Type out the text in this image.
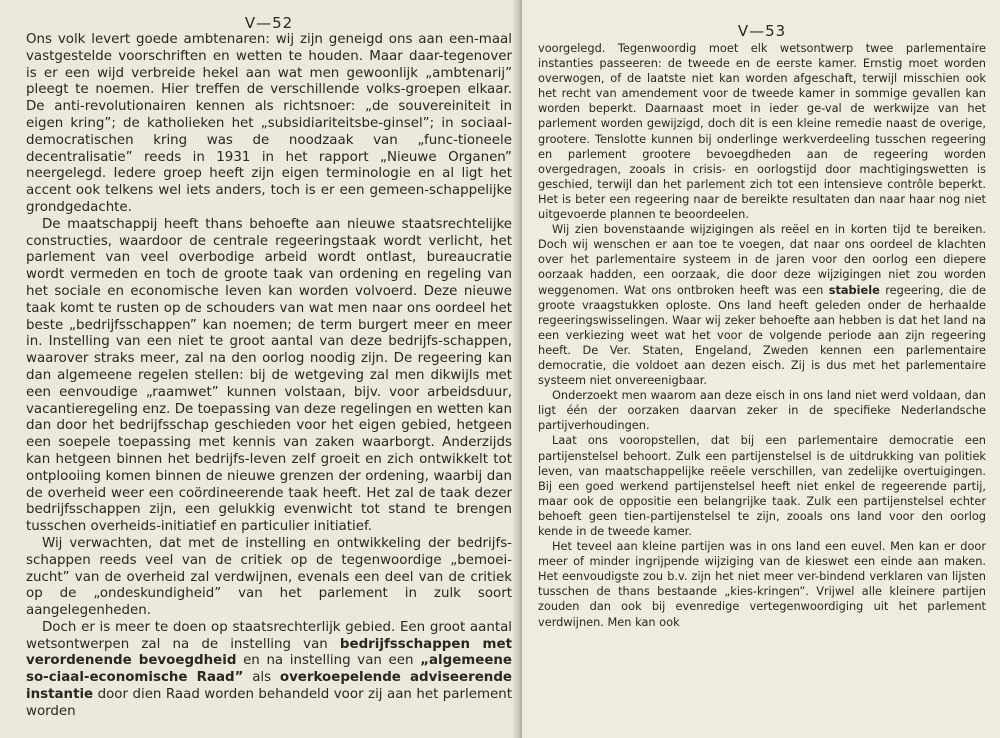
V—52

Ons volk levert goede ambtenaren: wij zijn geneigd ons aan een-maal vastgestelde voorschriften en wetten te houden. Maar daar-tegenover is er een wijd verbreide hekel aan wat men gewoonlijk „ambtenarij” pleegt te noemen. Hier treffen de verschillende volks-groepen elkaar. De anti-revolutionairen kennen als richtsnoer: „de souvereiniteit in eigen kring”; de katholieken het „subsidiariteitsbe-ginsel”; in sociaal-democratischen kring was de noodzaak van „func-tioneele decentralisatie” reeds in 1931 in het rapport „Nieuwe Organen” neergelegd. Iedere groep heeft zijn eigen terminologie en al ligt het accent ook telkens wel iets anders, toch is er een gemeen-schappelijke grondgedachte.

De maatschappij heeft thans behoefte aan nieuwe staatsrechtelijke constructies, waardoor de centrale regeeringstaak wordt verlicht, het parlement van veel overbodige arbeid wordt ontlast, bureaucratie wordt vermeden en toch de groote taak van ordening en regeling van het sociale en economische leven kan worden volvoerd. Deze nieuwe taak komt te rusten op de schouders van wat men naar ons oordeel het beste „bedrijfsschappen” kan noemen; de term burgert meer en meer in. Instelling van een niet te groot aantal van deze bedrijfs-schappen, waarover straks meer, zal na den oorlog noodig zijn. De regeering kan dan algemeene regelen stellen: bij de wetgeving zal men dikwijls met een eenvoudige „raamwet” kunnen volstaan, bijv. voor arbeidsduur, vacantieregeling enz. De toepassing van deze regelingen en wetten kan dan door het bedrijfsschap geschieden voor het eigen gebied, hetgeen een soepele toepassing met kennis van zaken waarborgt. Anderzijds kan hetgeen binnen het bedrijfs-leven zelf groeit en zich ontwikkelt tot ontplooiing komen binnen de nieuwe grenzen der ordening, waarbij dan de overheid weer een coördineerende taak heeft. Het zal de taak dezer bedrijfsschappen zijn, een gelukkig evenwicht tot stand te brengen tusschen overheids-initiatief en particulier initiatief.

Wij verwachten, dat met de instelling en ontwikkeling der bedrijfs-schappen reeds veel van de critiek op de tegenwoordige „bemoei-zucht” van de overheid zal verdwijnen, evenals een deel van de critiek op de „ondeskundigheid” van het parlement in zulk soort aangelegenheden.

Doch er is meer te doen op staatsrechterlijk gebied. Een groot aantal wetsontwerpen zal na de instelling van bedrijfsschappen met verordenende bevoegdheid en na instelling van een „algemeene so-ciaal-economische Raad” als overkoepelende adviseerende instantie door dien Raad worden behandeld voor zij aan het parlement worden

V—53

voorgelegd. Tegenwoordig moet elk wetsontwerp twee parlementaire instanties passeeren: de tweede en de eerste kamer. Ernstig moet worden overwogen, of de laatste niet kan worden afgeschaft, terwijl misschien ook het recht van amendement voor de tweede kamer in sommige gevallen kan worden beperkt. Daarnaast moet in ieder ge-val de werkwijze van het parlement worden gewijzigd, doch dit is een kleine remedie naast de overige, grootere. Tenslotte kunnen bij onderlinge werkverdeeling tusschen regeering en parlement grootere bevoegdheden aan de regeering worden overgedragen, zooals in crisis- en oorlogstijd door machtigingswetten is geschied, terwijl dan het parlement zich tot een intensieve contrôle beperkt. Het is beter een regeering naar de bereikte resultaten dan naar haar nog niet uitgevoerde plannen te beoordeelen.

Wij zien bovenstaande wijzigingen als reëel en in korten tijd te bereiken. Doch wij wenschen er aan toe te voegen, dat naar ons oordeel de klachten over het parlementaire systeem in de jaren voor den oorlog een diepere oorzaak hadden, een oorzaak, die door deze wijzigingen niet zou worden weggenomen. Wat ons ontbroken heeft was een stabiele regeering, die de groote vraagstukken oploste. Ons land heeft geleden onder de herhaalde regeeringswisselingen. Waar wij zeker behoefte aan hebben is dat het land na een verkiezing weet wat het voor de volgende periode aan zijn regeering heeft. De Ver. Staten, Engeland, Zweden kennen een parlementaire democratie, die voldoet aan dezen eisch. Zij is dus met het parlementaire systeem niet onvereenigbaar.

Onderzoekt men waarom aan deze eisch in ons land niet werd voldaan, dan ligt één der oorzaken daarvan zeker in de specifieke Nederlandsche partijverhoudingen.

Laat ons vooropstellen, dat bij een parlementaire democratie een partijenstelsel behoort. Zulk een partijenstelsel is de uitdrukking van politiek leven, van maatschappelijke reëele verschillen, van zedelijke overtuigingen. Bij een goed werkend partijenstelsel heeft niet enkel de regeerende partij, maar ook de oppositie een belangrijke taak. Zulk een partijenstelsel echter behoeft geen tien-partijenstelsel te zijn, zooals ons land voor den oorlog kende in de tweede kamer.

Het teveel aan kleine partijen was in ons land een euvel. Men kan er door meer of minder ingrijpende wijziging van de kieswet een einde aan maken. Het eenvoudigste zou b.v. zijn het niet meer ver-bindend verklaren van lijsten tusschen de thans bestaande „kies-kringen”. Vrijwel alle kleinere partijen zouden dan ook bij evenredige vertegenwoordiging uit het parlement verdwijnen. Men kan ook
